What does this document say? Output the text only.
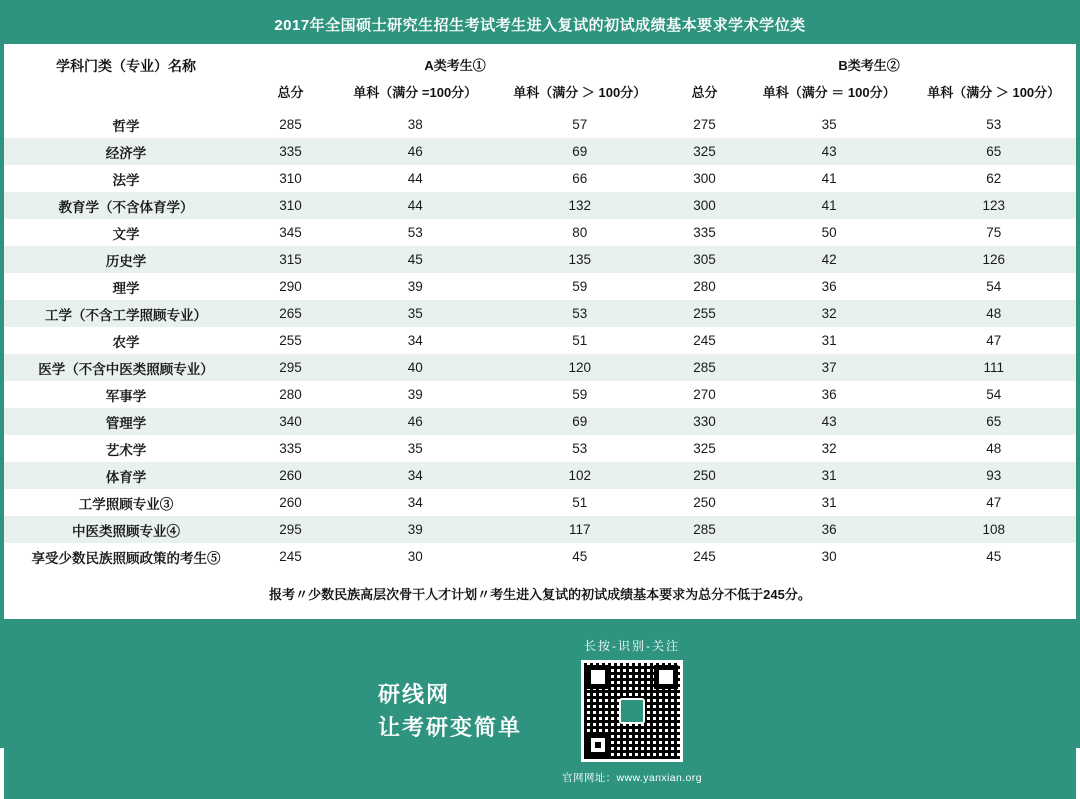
2017年全国硕士研究生招生考试考生进入复试的初试成绩基本要求学术学位类
学科门类（专业）名称	A类考生①			B类考生②		
	总分	单科（满分 =100分）	单科（满分 ＞ 100分）	总分	单科（满分 ＝ 100分）	单科（满分 ＞ 100分）
哲学	285	38	57	275	35	53
经济学	335	46	69	325	43	65
法学	310	44	66	300	41	62
教育学（不含体育学）	310	44	132	300	41	123
文学	345	53	80	335	50	75
历史学	315	45	135	305	42	126
理学	290	39	59	280	36	54
工学（不含工学照顾专业）	265	35	53	255	32	48
农学	255	34	51	245	31	47
医学（不含中医类照顾专业）	295	40	120	285	37	111
军事学	280	39	59	270	36	54
管理学	340	46	69	330	43	65
艺术学	335	35	53	325	32	48
体育学	260	34	102	250	31	93
工学照顾专业③	260	34	51	250	31	47
中医类照顾专业④	295	39	117	285	36	108
享受少数民族照顾政策的考生⑤	245	30	45	245	30	45
报考〃少数民族高层次骨干人才计划〃考生进入复试的初试成绩基本要求为总分不低于245分。						
研线网
让考研变简单
长按-识别-关注
官网网址：www.yanxian.org
